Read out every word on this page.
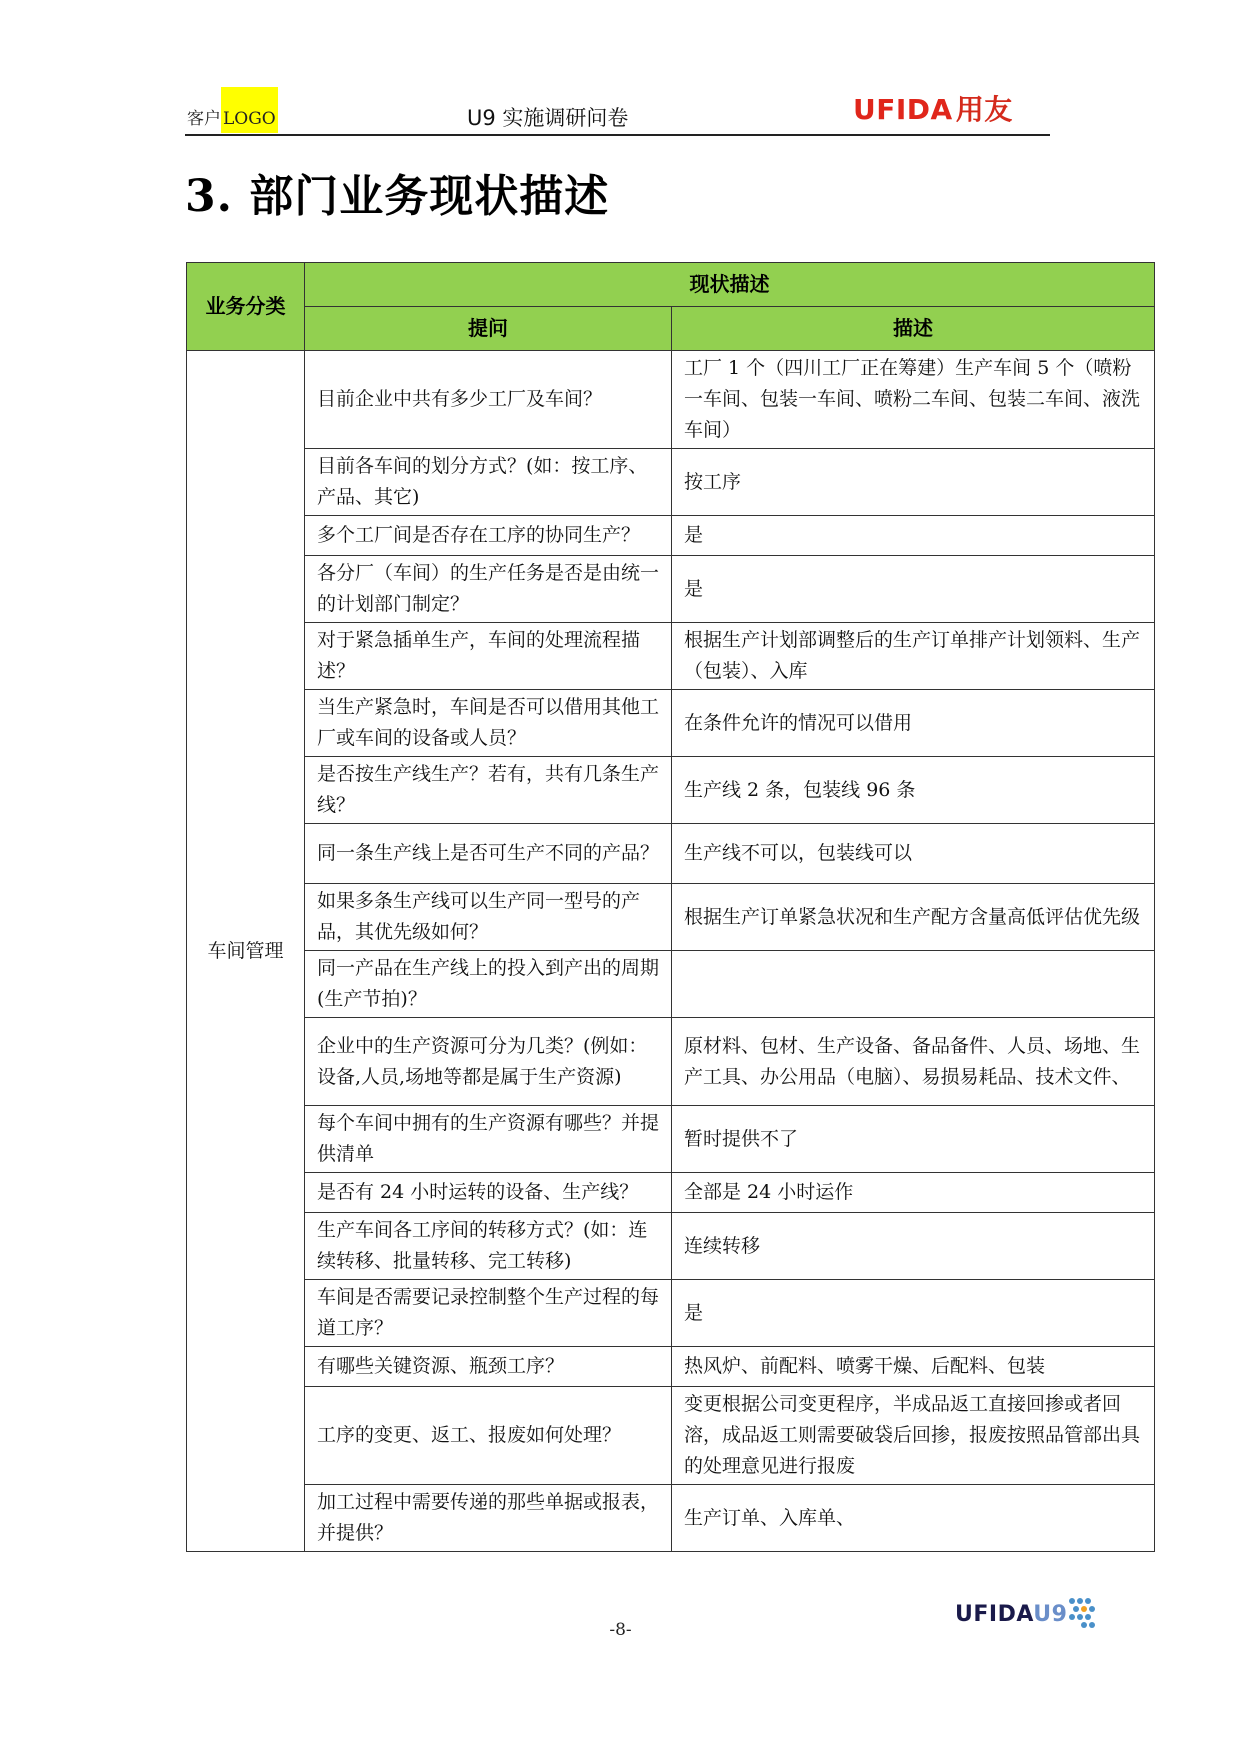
客户 LOGO	U9 实施调研问卷	UFIDA 用友
3. 部门业务现状描述
业务分类	现状描述	
	提问	描述
车间管理	目前企业中共有多少工厂及车间？	工厂 1 个（四川工厂正在筹建）生产车间 5 个（喷粉一车间、包装一车间、喷粉二车间、包装二车间、液洗车间）
	目前各车间的划分方式？(如：按工序、产品、其它)	按工序
	多个工厂间是否存在工序的协同生产？	是
	各分厂（车间）的生产任务是否是由统一的计划部门制定？	是
	对于紧急插单生产，车间的处理流程描述？	根据生产计划部调整后的生产订单排产计划领料、生产（包装）、入库
	当生产紧急时，车间是否可以借用其他工厂或车间的设备或人员？	在条件允许的情况可以借用
	是否按生产线生产？若有，共有几条生产线？	生产线 2 条，包装线 96 条
	同一条生产线上是否可生产不同的产品？	生产线不可以，包装线可以
	如果多条生产线可以生产同一型号的产品，其优先级如何？	根据生产订单紧急状况和生产配方含量高低评估优先级
	同一产品在生产线上的投入到产出的周期(生产节拍)？	
	企业中的生产资源可分为几类？(例如：设备,人员,场地等都是属于生产资源)	原材料、包材、生产设备、备品备件、人员、场地、生产工具、办公用品（电脑）、易损易耗品、技术文件、
	每个车间中拥有的生产资源有哪些？并提供清单	暂时提供不了
	是否有 24 小时运转的设备、生产线？	全部是 24 小时运作
	生产车间各工序间的转移方式？(如：连续转移、批量转移、完工转移)	连续转移
	车间是否需要记录控制整个生产过程的每道工序？	是
	有哪些关键资源、瓶颈工序？	热风炉、前配料、喷雾干燥、后配料、包装
	工序的变更、返工、报废如何处理？	变更根据公司变更程序，半成品返工直接回掺或者回溶，成品返工则需要破袋后回掺，报废按照品管部出具的处理意见进行报废
	加工过程中需要传递的那些单据或报表，并提供？	生产订单、入库单、
-8-
UFIDAU9
